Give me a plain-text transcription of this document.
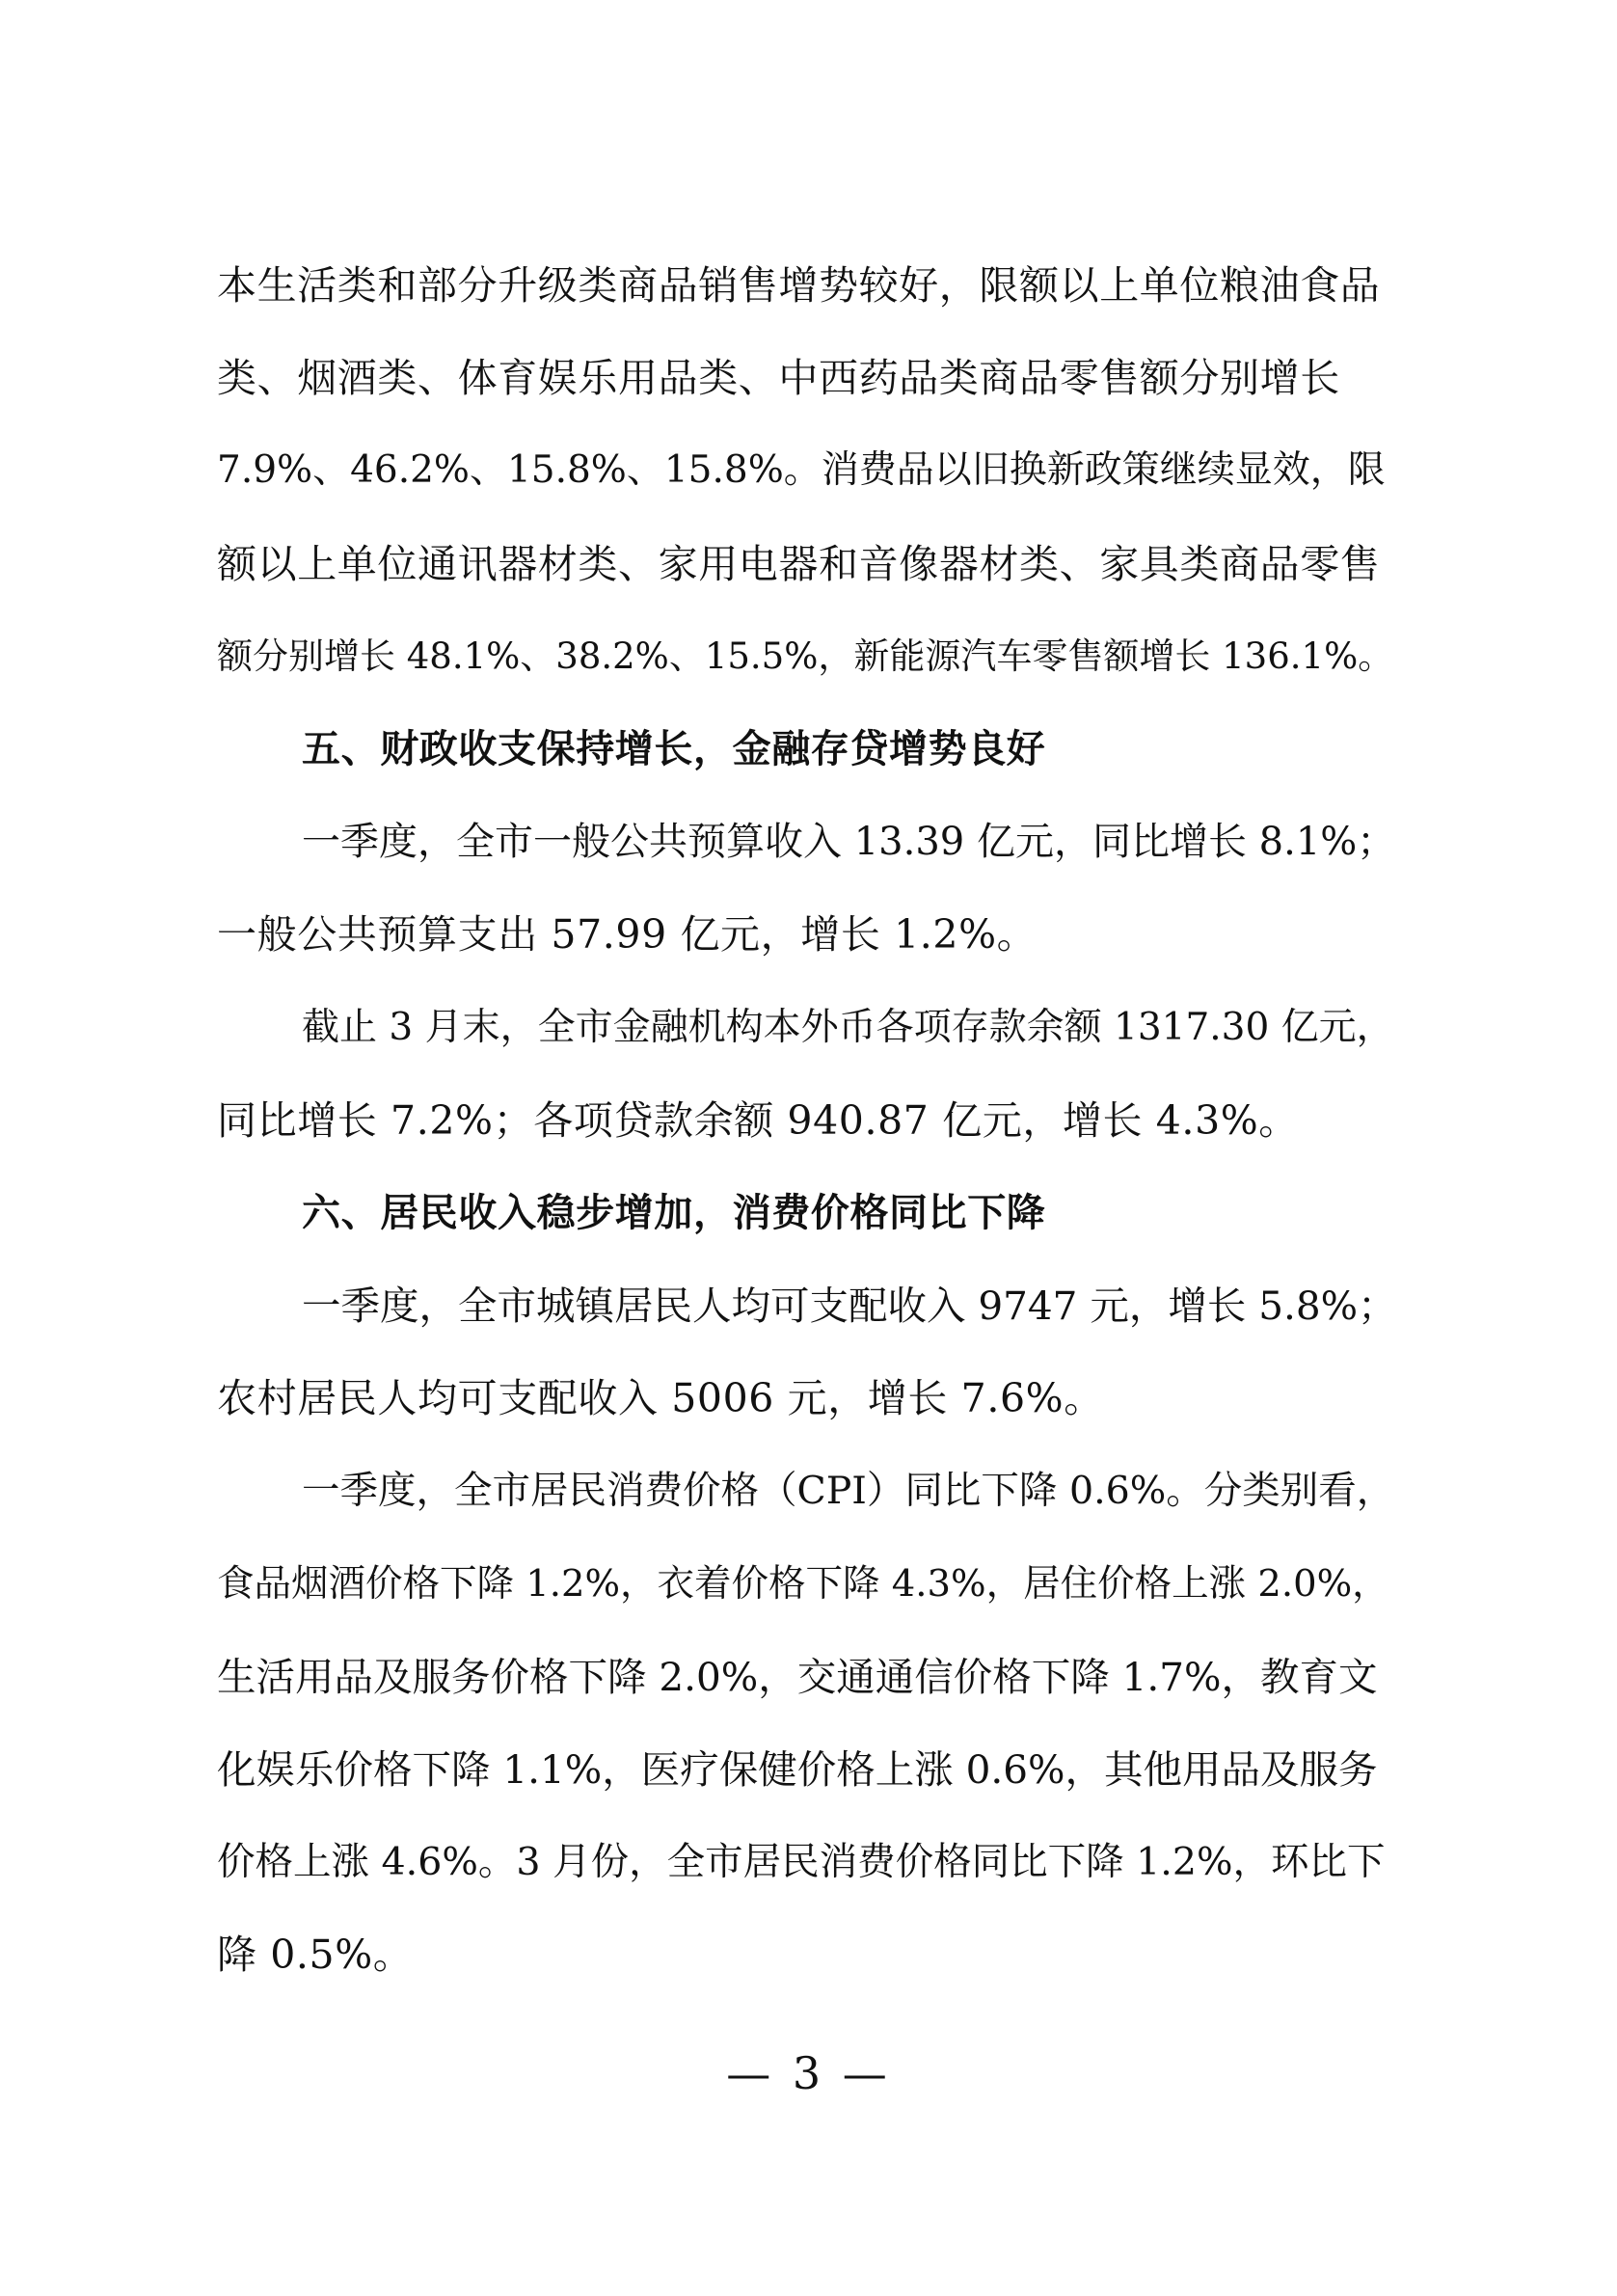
本生活类和部分升级类商品销售增势较好，限额以上单位粮油食品
类、烟酒类、体育娱乐用品类、中西药品类商品零售额分别增长
7.9%、46.2%、15.8%、15.8%。消费品以旧换新政策继续显效，限
额以上单位通讯器材类、家用电器和音像器材类、家具类商品零售
额分别增长 48.1%、38.2%、15.5%，新能源汽车零售额增长 136.1%。
五、财政收支保持增长，金融存贷增势良好
一季度，全市一般公共预算收入 13.39 亿元，同比增长 8.1%；
一般公共预算支出 57.99 亿元，增长 1.2%。
截止 3 月末，全市金融机构本外币各项存款余额 1317.30 亿元，
同比增长 7.2%；各项贷款余额 940.87 亿元，增长 4.3%。
六、居民收入稳步增加，消费价格同比下降
一季度，全市城镇居民人均可支配收入 9747 元，增长 5.8%；
农村居民人均可支配收入 5006 元，增长 7.6%。
一季度，全市居民消费价格（CPI）同比下降 0.6%。分类别看，
食品烟酒价格下降 1.2%，衣着价格下降 4.3%，居住价格上涨 2.0%，
生活用品及服务价格下降 2.0%，交通通信价格下降 1.7%，教育文
化娱乐价格下降 1.1%，医疗保健价格上涨 0.6%，其他用品及服务
价格上涨 4.6%。3 月份，全市居民消费价格同比下降 1.2%，环比下
降 0.5%。
— 3 —
